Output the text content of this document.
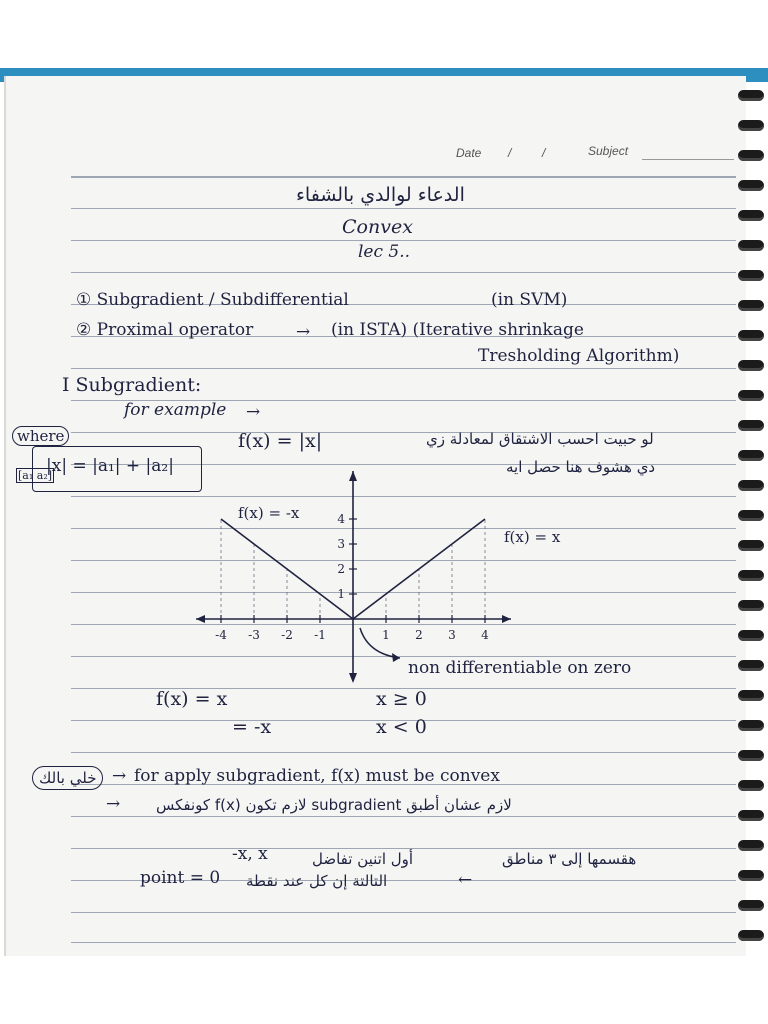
Date /	/	Subject
الدعاء لوالدي بالشفاء
Convex
lec 5..
① Subgradient / Subdifferential	(in SVM)
② Proximal operator	→ (in ISTA) (Iterative shrinkage
Tresholding Algorithm)
Ⅰ Subgradient:
for example →
where
|x| = |a₁| + |a₂|
[a₁ a₂]
f(x) = |x|	لو حبيت احسب الاشتقاق لمعادلة زي
دي هشوف هنا حصل ايه
-4 -3 -2 -1	1 2 3 4
1
2
3
4
f(x) = -x
f(x) = x
non differentiable on zero
f(x) = x	x ≥ 0
= -x	x < 0
خلي بالك → for apply subgradient, f(x) must be convex
→ لازم عشان أطبق subgradient لازم تكون f(x) كونفكس
هقسمها إلى ٣ مناطق
أول اتنين تفاضل
-x, x
point = 0 التالتة إن كل عند نقطة	←
